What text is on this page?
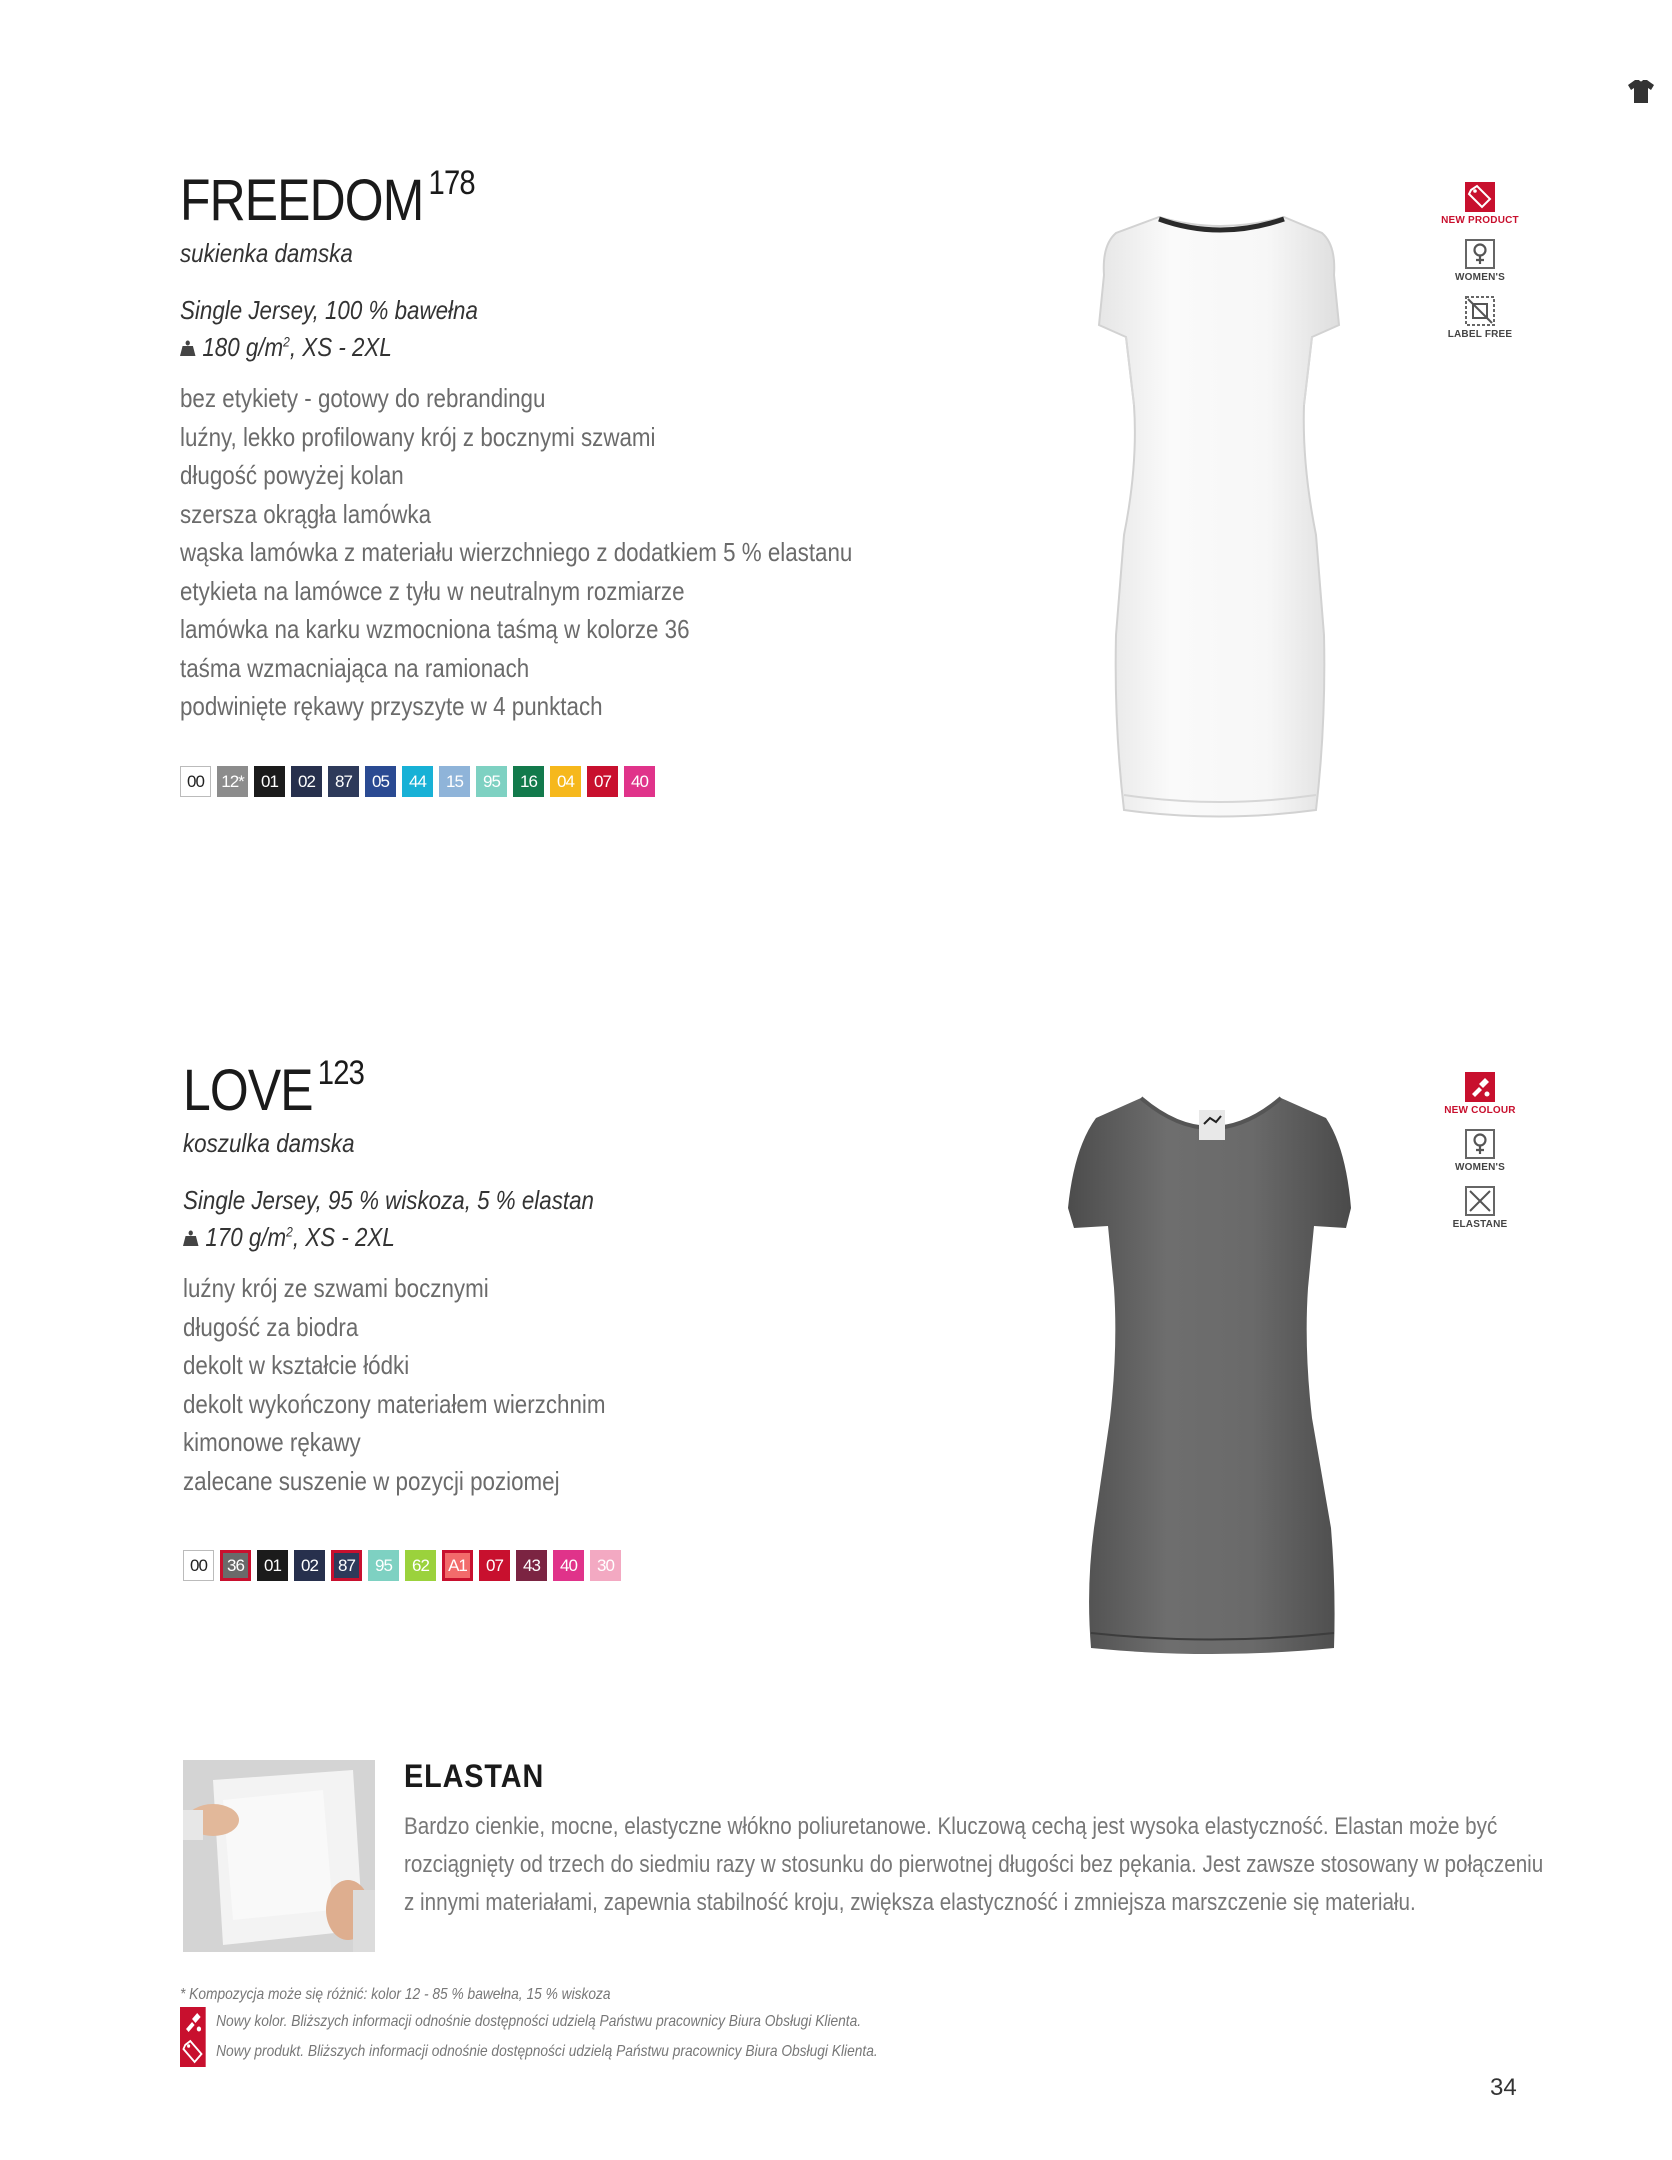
FREEDOM $^{178}$
sukienka damska
Single Jersey, 100 % bawełna
180 $g/m^2$, XS - 2XL
bez etykiety - gotowy do rebrandingu
luźny, lekko profilowany krój z bocznymi szwami
długość powyżej kolan
szersza okrągła lamówka
wąska lamówka z materiału wierzchniego z dodatkiem 5 % elastanu
etykieta na lamówce z tyłu w neutralnym rozmiarze
lamówka na karku wzmocniona taśmą w kolorze 36
taśma wzmacniająca na ramionach
podwinięte rękawy przyszyte w 4 punktach
00	12*	01	02	87	05	44	15	95	16	04	07	40
NEW PRODUCT
WOMEN'S
LABEL FREE
LOVE $^{123}$
koszulka damska
Single Jersey, 95 % wiskoza, 5 % elastan
170 $g/m^2$, XS - 2XL
luźny krój ze szwami bocznymi
długość za biodra
dekolt w kształcie łódki
dekolt wykończony materiałem wierzchnim
kimonowe rękawy
zalecane suszenie w pozycji poziomej
00	36	01	02	87	95	62	A1	07	43	40	30
NEW COLOUR
WOMEN'S
ELASTANE
ELASTAN
Bardzo cienkie, mocne, elastyczne włókno poliuretanowe. Kluczową cechą jest wysoka elastyczność. Elastan może być
rozciągnięty od trzech do siedmiu razy w stosunku do pierwotnej długości bez pękania. Jest zawsze stosowany w połączeniu
z innymi materiałami, zapewnia stabilność kroju, zwiększa elastyczność i zmniejsza marszczenie się materiału.
* Kompozycja może się różnić: kolor 12 - 85 % bawełna, 15 % wiskoza
Nowy kolor. Bliższych informacji odnośnie dostępności udzielą Państwu pracownicy Biura Obsługi Klienta.
Nowy produkt. Bliższych informacji odnośnie dostępności udzielą Państwu pracownicy Biura Obsługi Klienta.
34
